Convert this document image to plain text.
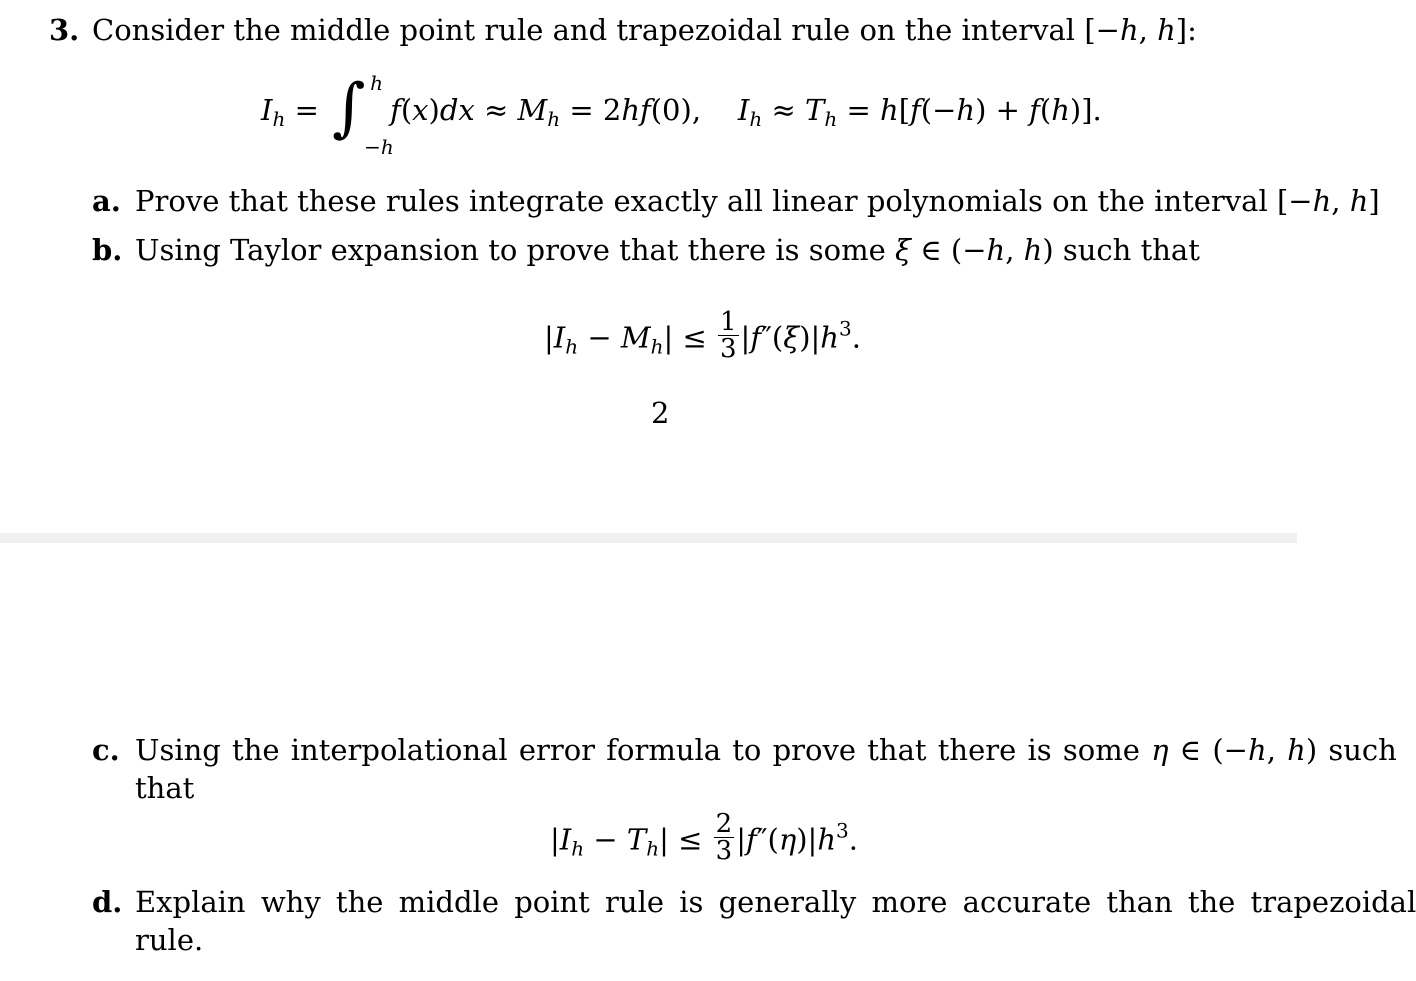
3. Consider the middle point rule and trapezoidal rule on the interval [−h, h]:
$I_h$ = ∫ h
−h
$f(x)dx \approx M_h = 2hf(0)$,    $I_h \approx T_h = h[f(-h) + f(h)]$.
a. Prove that these rules integrate exactly all linear polynomials on the interval [−h, h]
b. Using Taylor expansion to prove that there is some ξ ∈ (−h, h) such that
$|I_h - M_h| \le \frac{1}{3} |f''(\xi)|h^3$.
2
c. Using the interpolational error formula to prove that there is some η ∈ (−h, h) such
that
$|I_h - T_h| \le \frac{2}{3} |f''(\eta)|h^3$.
d. Explain why the middle point rule is generally more accurate than the trapezoidal
rule.
